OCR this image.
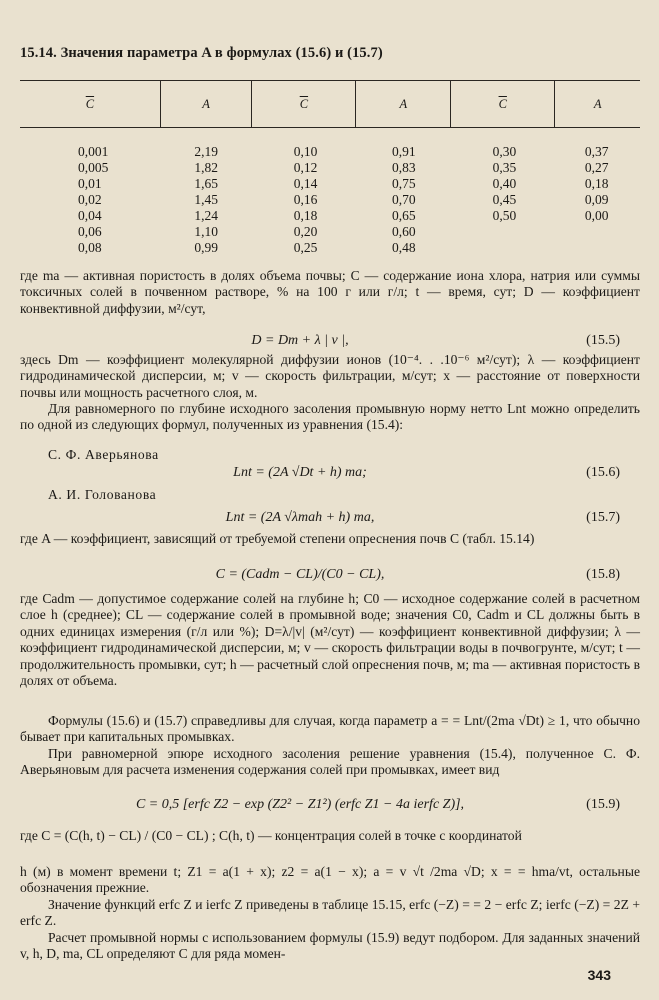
15.14. Значения параметра A в формулах (15.6) и (15.7)
$\overline{C}$	A	$\overline{C}$	A	$\overline{C}$	A

0,001	2,19	0,10	0,91	0,30	0,37
0,005	1,82	0,12	0,83	0,35	0,27
0,01	1,65	0,14	0,75	0,40	0,18
0,02	1,45	0,16	0,70	0,45	0,09
0,04	1,24	0,18	0,65	0,50	0,00
0,06	1,10	0,20	0,60		
0,08	0,99	0,25	0,48		

где mа — активная пористость в долях объема почвы; C — содержание иона хлора, натрия или суммы токсичных солей в почвенном растворе, % на 100 г или г/л; t — время, сут; D — коэффициент конвективной диффузии, м²/сут,

D = Dm + λ | v |,	(15.5)

здесь Dm — коэффициент молекулярной диффузии ионов (10⁻⁴. . .10⁻⁶ м²/сут); λ — коэффициент гидродинамической дисперсии, м; v — скорость фильтрации, м/сут; x — расстояние от поверхности почвы или мощность расчетного слоя, м.

Для равномерного по глубине исходного засоления промывную норму нетто Lnt можно определить по одной из следующих формул, полученных из уравнения (15.4):

С. Ф. Аверьянова
Lnt = (2A √Dt + h) mа;	(15.6)
А. И. Голованова
Lnt = (2A √λmаh + h) mа,	(15.7)

где A — коэффициент, зависящий от требуемой степени опреснения почв C (табл. 15.14)

C = (Cаdm − CL)/(C0 − CL),	(15.8)

где Cаdm — допустимое содержание солей на глубине h; C0 — исходное содержание солей в расчетном слое h (среднее); CL — содержание солей в промывной воде; значения C0, Cаdm и CL должны быть в одних единицах измерения (г/л или %); D=λ/|v| (м²/сут) — коэффициент конвективной диффузии; λ — коэффициент гидродинамической дисперсии, м; v — скорость фильтрации воды в почвогрунте, м/сут; t — продолжительность промывки, сут; h — расчетный слой опреснения почв, м; mа — активная пористость в долях от объема.

Формулы (15.6) и (15.7) справедливы для случая, когда параметр a = = Lnt/(2mа √Dt) ≥ 1, что обычно бывает при капитальных промывках.

При равномерной эпюре исходного засоления решение уравнения (15.4), полученное С. Ф. Аверьяновым для расчета изменения содержания солей при промывках, имеет вид

C = 0,5 [erfc Z2 − exp (Z2² − Z1²) (erfc Z1 − 4a ierfc Z)],	(15.9)

где C = (C(h, t) − CL) / (C0 − CL) ; C(h, t) — концентрация солей в точке с координатой

h (м) в момент времени t; Z1 = a(1 + x); z2 = a(1 − x); a = v √t /2mа √D; x = = hmа/vt, остальные обозначения прежние.

Значение функций erfc Z и ierfc Z приведены в таблице 15.15, erfc (−Z) = = 2 − erfc Z; ierfc (−Z) = 2Z + erfc Z.

Расчет промывной нормы с использованием формулы (15.9) ведут подбором. Для заданных значений v, h, D, mа, CL определяют C для ряда момен-

343
